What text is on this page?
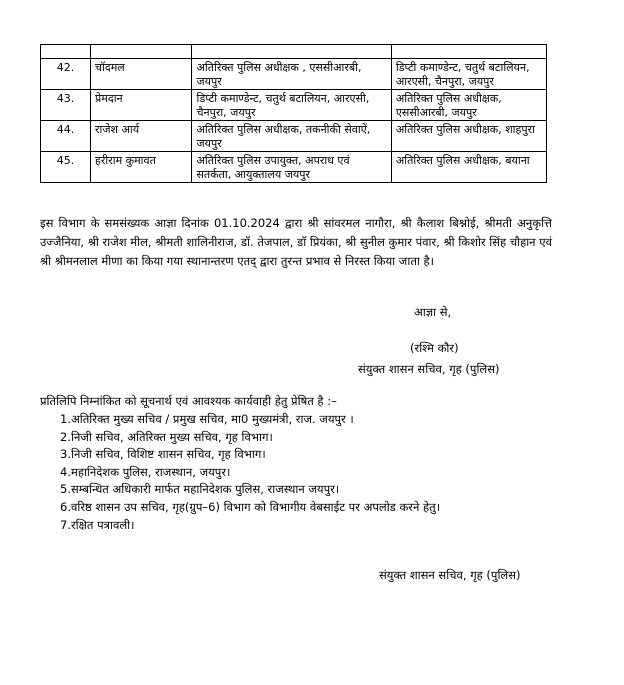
42.	चॉदमल	अतिरिक्त पुलिस अधीक्षक , एससीआरबी, जयपुर	डिप्टी कमाण्डेन्ट, चतुर्थ बटालियन, आरएसी, चैनपुरा, जयपुर
43.	प्रेमदान	डिप्टी कमाण्डेन्ट, चतुर्थ बटालियन, आरएसी, चैनपुरा, जयपुर	अतिरिक्त पुलिस अधीक्षक, एससीआरबी, जयपुर
44.	राजेश आर्य	अतिरिक्त पुलिस अधीक्षक, तकनीकी सेवाऐं, जयपुर	अतिरिक्त पुलिस अधीक्षक, शाहपुरा
45.	हरीराम कुमावत	अतिरिक्त पुलिस उपायुक्त, अपराध एवं सतर्कता, आयुक्तालय जयपुर	अतिरिक्त पुलिस अधीक्षक, बयाना
इस विभाग के समसंख्यक आज्ञा दिनांक 01.10.2024 द्वारा श्री सांवरमल नागौरा, श्री कैलाश बिश्नोई, श्रीमती अनुकृत्ति उज्जैनिया, श्री राजेश मील, श्रीमती शालिनीराज, डॉ. तेजपाल, डॉ प्रियंका, श्री सुनील कुमार पंवार, श्री किशोर सिंह चौहान एवं श्री श्रीमनलाल मीणा का किया गया स्थानान्तरण एतद् द्वारा तुरन्त प्रभाव से निरस्त किया जाता है।
आज्ञा से,
(रश्मि कौर)
संयुक्त शासन सचिव, गृह (पुलिस)
प्रतिलिपि निम्नांकित को सूचनार्थ एवं आवश्यक कार्यवाही हेतु प्रेषित है :–
1.अतिरिक्त मुख्य सचिव / प्रमुख सचिव, मा0 मुख्यमंत्री, राज. जयपुर ।
2.निजी सचिव, अतिरिक्त मुख्य सचिव, गृह विभाग।
3.निजी सचिव, विशिष्ट शासन सचिव, गृह विभाग।
4.महानिदेशक पुलिस, राजस्थान, जयपुर।
5.सम्बन्धित अधिकारी मार्फत महानिदेशक पुलिस, राजस्थान जयपुर।
6.वरिष्ठ शासन उप सचिव, गृह(ग्रुप–6) विभाग को विभागीय वेबसाईट पर अपलोड करने हेतु।
7.रक्षित पत्रावली।
संयुक्त शासन सचिव, गृह (पुलिस)
